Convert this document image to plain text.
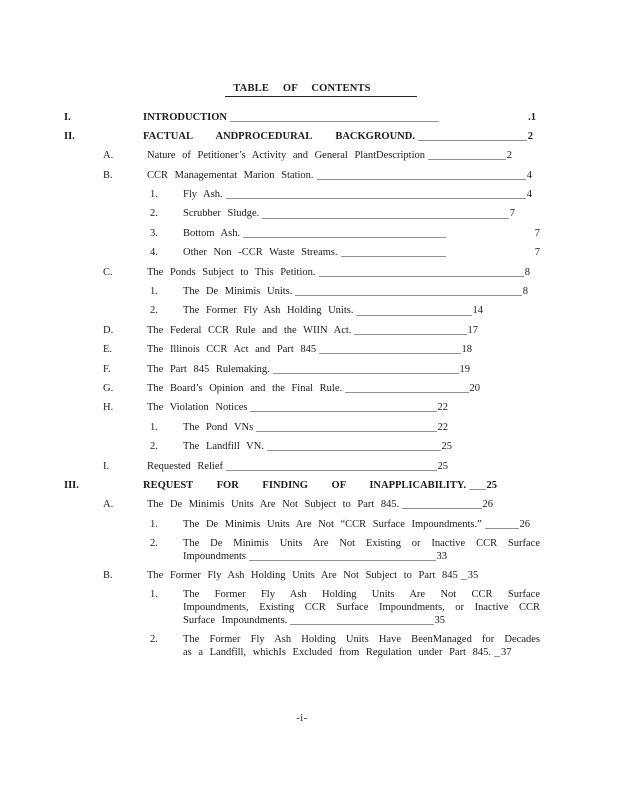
TABLE OF CONTENTS
I.	INTRODUCTION	.1
II.	FACTUAL ANDPROCEDURAL BACKGROUND.	2
A.	Nature of Petitioner’s Activity and General PlantDescription	2
B.	CCR Managementat Marion Station.	4
1.	Fly Ash.	4
2.	Scrubber Sludge.	7
3.	Bottom Ash.	7
4.	Other Non -CCR Waste Streams.	7
C.	The Ponds Subject to This Petition.	8
1.	The De Minimis Units.	8
2.	The Former Fly Ash Holding Units.	14
D.	The Federal CCR Rule and the WIIN Act.	17
E.	The Illinois CCR Act and Part 845	18
F.	The Part 845 Rulemaking.	19
G.	The Board’s Opinion and the Final Rule.	20
H.	The Violation Notices	22
1.	The Pond VNs	22
2.	The Landfill VN.	25
I.	Requested Relief	25
III.	REQUEST FOR FINDING OF INAPPLICABILITY. 25
A.	The De Minimis Units Are Not Subject to Part 845.	26
1.	The De Minimis Units Are Not “CCR Surface Impoundments.”	26
2.	The De Minimis Units Are Not Existing or Inactive CCR Surface
Impoundments	33
B.	The Former Fly Ash Holding Units Are Not Subject to Part 845 35
1.	The Former Fly Ash Holding Units Are Not CCR Surface
Impoundments, Existing CCR Surface Impoundments, or Inactive CCR
Surface Impoundments.	35
2.	The Former Fly Ash Holding Units Have BeenManaged for Decades
as a Landfill, whichIs Excluded from Regulation under Part 845. 37
-i-
